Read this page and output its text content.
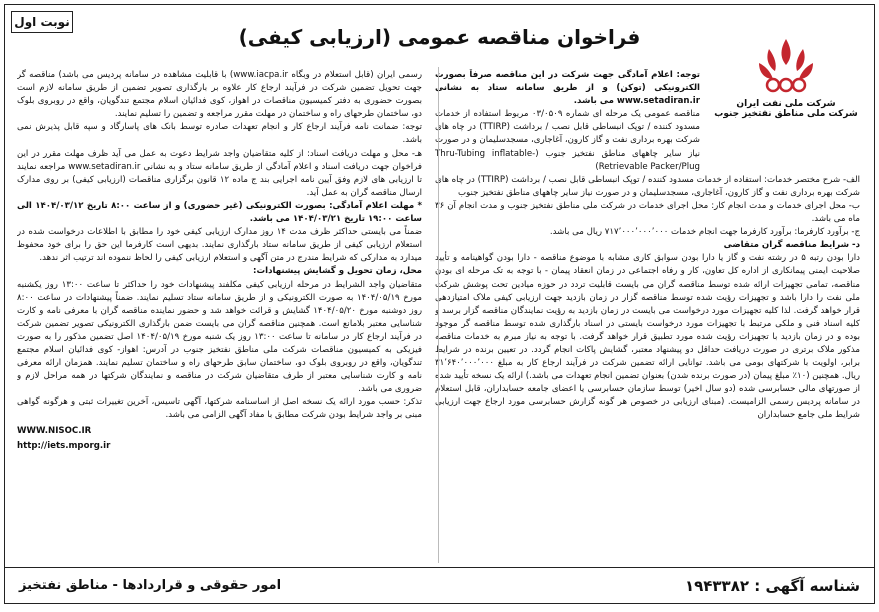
نوبت اول
فراخوان مناقصه عمومی (ارزیابی کیفی)
شرکت ملی نفت ایران
شرکت ملی مناطق نفتخیز جنوب

توجه: اعلام آمادگی جهت شرکت در این مناقصه صرفاً بصورت الکترونیکی (توکن) و از طریق سامانه ستاد به نشانی www.setadiran.ir می باشد.

مناقصه عمومی یک مرحله ای شماره ۰۳/۰۵۰۹ مربوط استفاده از خدمات مسدود کننده / توپک انبساطی قابل نصب / برداشت (TTIRP) در چاه های شرکت بهره برداری نفت و گاز کارون، آغاجاری، مسجدسلیمان و در صورت نیاز سایر چاههای مناطق نفتخیز جنوب (Thru-Tubing inflatable-Retrievable Packer/Plug)

الف- شرح مختصر خدمات: استفاده از خدمات مسدود کننده / توپک انبساطی قابل نصب / برداشت (TTIRP) در چاه های شرکت بهره برداری نفت و گاز کارون، آغاجاری، مسجدسلیمان و در صورت نیاز سایر چاههای مناطق نفتخیز جنوب

ب- محل اجرای خدمات و مدت انجام کار: محل اجرای خدمات در شرکت ملی مناطق نفتخیز جنوب و مدت انجام آن ۳۶ ماه می باشد.

ج- برآورد کارفرما: برآورد کارفرما جهت انجام خدمات ۷۱۷٬۰۰۰٬۰۰۰٬۰۰۰ ریال می باشد.

د- شرایط مناقصه گران متقاضی

دارا بودن رتبه ۵ در رشته نفت و گاز یا دارا بودن سوابق کاری مشابه با موضوع مناقصه - دارا بودن گواهینامه و تأیید صلاحیت ایمنی پیمانکاری از اداره کل تعاون، کار و رفاه اجتماعی در زمان انعقاد پیمان - با توجه به تک مرحله ای بودن مناقصه، تمامی تجهیزات ارائه شده توسط مناقصه گران می بایست قابلیت تردد در حوزه میادین تحت پوشش شرکت ملی نفت را دارا باشد و تجهیزات رؤیت شده توسط مناقصه گزار در زمان بازدید جهت ارزیابی کیفی ملاک امتیازدهی قرار خواهد گرفت. لذا کلیه تجهیزات مورد درخواست می بایست در زمان بازدید به رؤیت نمایندگان مناقصه گزار برسد و کلیه اسناد فنی و ملکی مرتبط با تجهیزات مورد درخواست بایستی در اسناد بارگذاری شده توسط مناقصه گر موجود بوده و در زمان بازدید با تجهیزات رؤیت شده مورد تطبیق قرار خواهد گرفت. با توجه به نیاز مبرم به خدمات مناقصه مذکور ملاک برتری در صورت دریافت حداقل دو پیشنهاد معتبر، گشایش پاکات انجام گردد. در تعیین برنده در شرایط برابر، اولویت با شرکتهای بومی می باشد. توانایی ارائه تضمین شرکت در فرآیند ارجاع کار به مبلغ ۳۱٬۶۴۰٬۰۰۰٬۰۰۰ ریال. همچنین (۱۰٪ مبلغ پیمان (در صورت برنده شدن) بعنوان تضمین انجام تعهدات می باشد.) ارائه یک نسخه تأیید شده از صورتهای مالی حسابرسی شده (دو سال اخیر) توسط سازمان حسابرسی یا اعضای جامعه حسابداران، قابل استعلام در سامانه پردیس رسمی الزامیست. (مبنای ارزیابی در خصوص هر گونه گزارش حسابرسی مورد ارجاع جهت ارزیابی شرایط ملی جامع حسابداران

رسمی ایران (قابل استعلام در وبگاه www.iacpa.ir) با قابلیت مشاهده در سامانه پردیس می باشد) مناقصه گر جهت تحویل تضمین شرکت در فرآیند ارجاع کار علاوه بر بارگذاری تصویر تضمین از طریق سامانه لازم است بصورت حضوری به دفتر کمیسیون مناقصات در اهواز، کوی فدائیان اسلام مجتمع تندگویان، واقع در روبروی بلوک دو، ساختمان طرحهای راه و ساختمان در مهلت مقرر مراجعه و تضمین را تسلیم نمایند.

توجه: ضمانت نامه فرآیند ارجاع کار و انجام تعهدات صادره توسط بانک های پاسارگاد و سپه قابل پذیرش نمی باشد.

هـ- محل و مهلت دریافت اسناد: از کلیه متقاضیان واجد شرایط دعوت به عمل می آید ظرف مهلت مقرر در این فراخوان جهت دریافت اسناد و اعلام آمادگی از طریق سامانه ستاد و به نشانی www.setadiran.ir مراجعه نمایند تا ارزیابی های لازم وفق آیین نامه اجرایی بند ج ماده ۱۲ قانون برگزاری مناقصات (ارزیابی کیفی) بر روی مدارک ارسال مناقصه گران به عمل آید.

* مهلت اعلام آمادگی: بصورت الکترونیکی (غیر حضوری) و از ساعت ۸:۰۰ تاریخ ۱۴۰۴/۰۳/۱۲ الی ساعت ۱۹:۰۰ تاریخ ۱۴۰۴/۰۳/۲۱ می باشد.

ضمناً می بایستی حداکثر ظرف مدت ۱۴ روز مدارک ارزیابی کیفی خود را مطابق با اطلاعات درخواست شده در استعلام ارزیابی کیفی از طریق سامانه ستاد بارگذاری نمایند. بدیهی است کارفرما این حق را برای خود محفوظ میدارد به مدارکی که شرایط مندرج در متن آگهی و استعلام ارزیابی کیفی را لحاظ ننموده اند ترتیب اثر ندهد.

محل، زمان تحویل و گشایش پیشنهادات:

متقاضیان واجد الشرایط در مرحله ارزیابی کیفی مکلفند پیشنهادات خود را حداکثر تا ساعت ۱۳:۰۰ روز یکشنبه مورخ ۱۴۰۴/۰۵/۱۹ به صورت الکترونیکی و از طریق سامانه ستاد تسلیم نمایند. ضمناً پیشنهادات در ساعت ۸:۰۰ روز دوشنبه مورخ ۱۴۰۴/۰۵/۲۰ گشایش و قرائت خواهد شد و حضور نماینده مناقصه گران با معرفی نامه و کارت شناسایی معتبر بلامانع است. همچنین مناقصه گران می بایست ضمن بارگذاری الکترونیکی تصویر تضمین شرکت در فرآیند ارجاع کار در سامانه تا ساعت ۱۳:۰۰ روز یک شنبه مورخ ۱۴۰۴/۰۵/۱۹ اصل تضمین مذکور را به صورت فیزیکی به کمیسیون مناقصات شرکت ملی مناطق نفتخیز جنوب در آدرس: اهواز- کوی فدائیان اسلام مجتمع تندگویان، واقع در روبروی بلوک دو، ساختمان سابق طرحهای راه و ساختمان تسلیم نمایند. همزمان ارائه معرفی نامه و کارت شناسایی معتبر از طرف متقاضیان شرکت در مناقصه و نمایندگان شرکتها در همه مراحل لازم و ضروری می باشد.

تذکر: حسب مورد ارائه یک نسخه اصل از اساسنامه شرکتها، آگهی تاسیس، آخرین تغییرات ثبتی و هرگونه گواهی مبنی بر واجد شرایط بودن شرکت مطابق با مفاد آگهی الزامی می باشد.

WWW.NISOC.IR
http://iets.mporg.ir
شناسه آگهی : ۱۹۴۳۳۸۲
امور حقوقی و قراردادها - مناطق نفتخیز
